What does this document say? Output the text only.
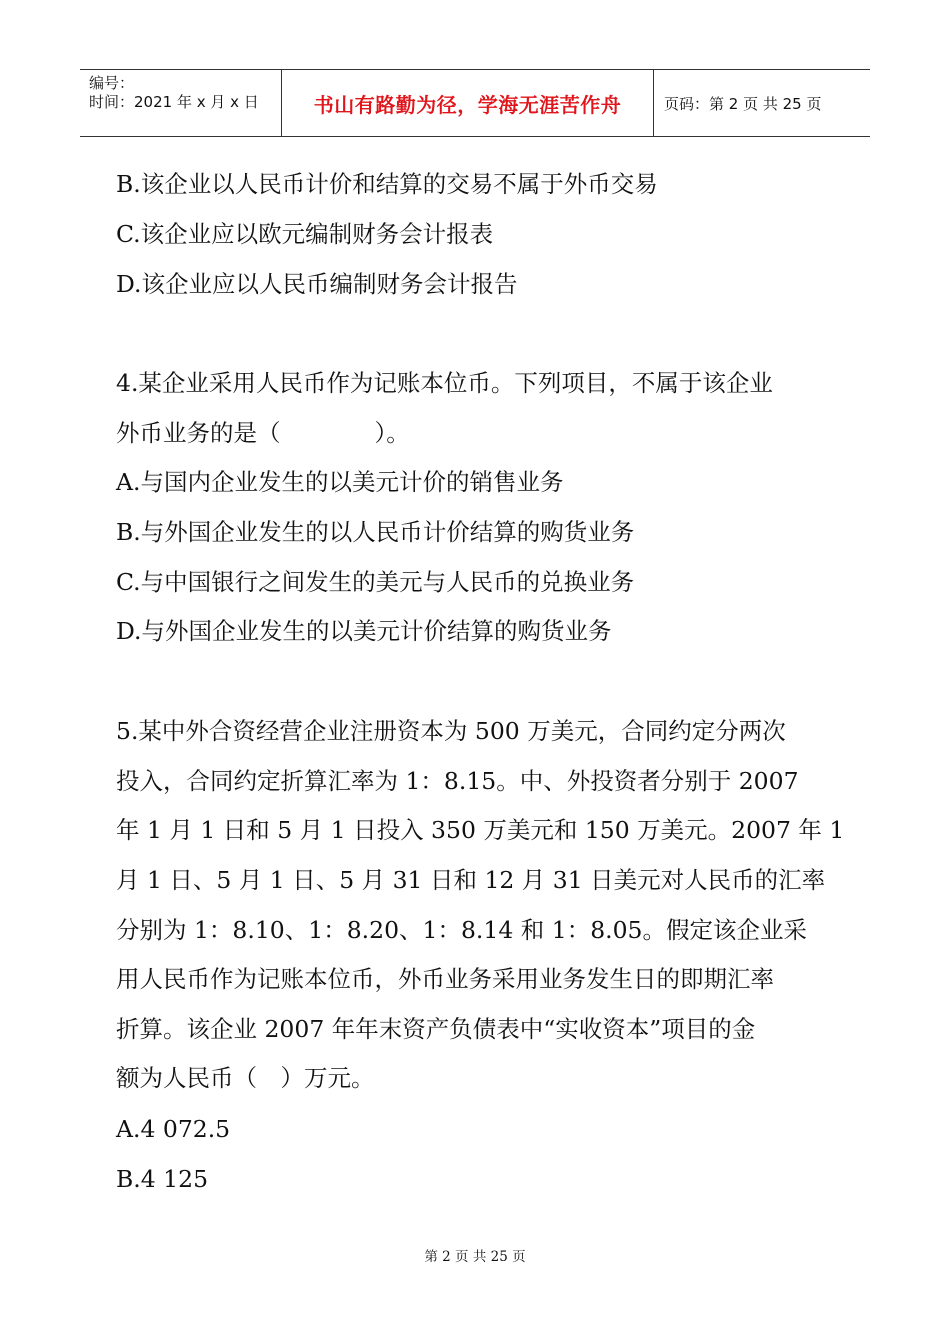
编号：
时间：2021 年 x 月 x 日	书山有路勤为径，学海无涯苦作舟	页码：第 2 页 共 25 页
B.该企业以人民币计价和结算的交易不属于外币交易
C.该企业应以欧元编制财务会计报表
D.该企业应以人民币编制财务会计报告
4.某企业采用人民币作为记账本位币。下列项目，不属于该企业
外币业务的是（　　　　）。
A.与国内企业发生的以美元计价的销售业务
B.与外国企业发生的以人民币计价结算的购货业务
C.与中国银行之间发生的美元与人民币的兑换业务
D.与外国企业发生的以美元计价结算的购货业务
5.某中外合资经营企业注册资本为 500 万美元，合同约定分两次
投入，合同约定折算汇率为 1：8.15。中、外投资者分别于 2007
年 1 月 1 日和 5 月 1 日投入 350 万美元和 150 万美元。2007 年 1
月 1 日、5 月 1 日、5 月 31 日和 12 月 31 日美元对人民币的汇率
分别为 1：8.10、1：8.20、1：8.14 和 1：8.05。假定该企业采
用人民币作为记账本位币，外币业务采用业务发生日的即期汇率
折算。该企业 2007 年年末资产负债表中“实收资本”项目的金
额为人民币（　）万元。
A.4 072.5
B.4 125
第 2 页 共 25 页
